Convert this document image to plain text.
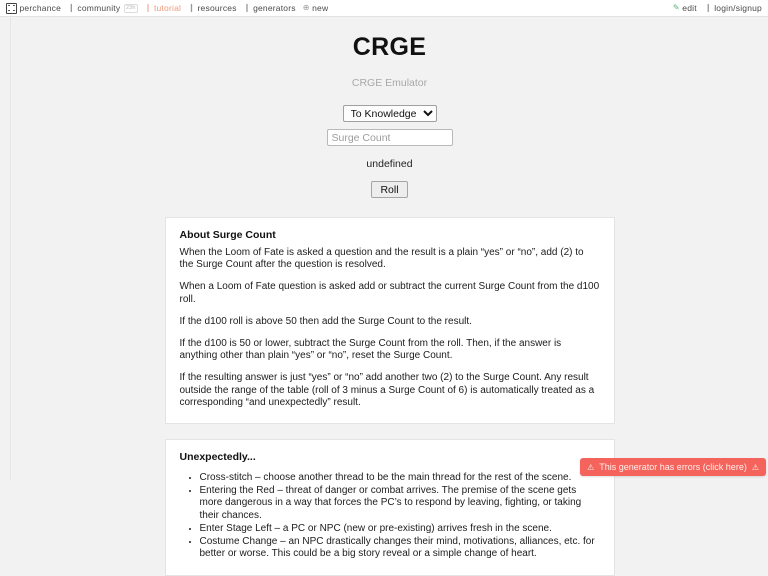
perchance ❙ community	23h ❙ tutorial ❙ resources ❙ generators ⊕ new	✎ edit ❙ login/signup
CRGE
CRGE Emulator
To Knowledge
Surge Count
undefined
Roll
About Surge Count

When the Loom of Fate is asked a question and the result is a plain “yes” or “no”, add (2) to the Surge Count after the question is resolved.

When a Loom of Fate question is asked add or subtract the current Surge Count from the d100 roll.

If the d100 roll is above 50 then add the Surge Count to the result.

If the d100 is 50 or lower, subtract the Surge Count from the roll. Then, if the answer is anything other than plain “yes” or “no”, reset the Surge Count.

If the resulting answer is just “yes” or “no” add another two (2) to the Surge Count. Any result outside the range of the table (roll of 3 minus a Surge Count of 6) is automatically treated as a corresponding “and unexpectedly” result.

Unexpectedly...
• Cross-stitch – choose another thread to be the main thread for the rest of the scene.
• Entering the Red – threat of danger or combat arrives. The premise of the scene gets more dangerous in a way that forces the PC’s to respond by leaving, fighting, or taking their chances.
• Enter Stage Left – a PC or NPC (new or pre-existing) arrives fresh in the scene.
• Costume Change – an NPC drastically changes their mind, motivations, alliances, etc. for better or worse. This could be a big story reveal or a simple change of heart.
⚠ This generator has errors (click here) ⚠
